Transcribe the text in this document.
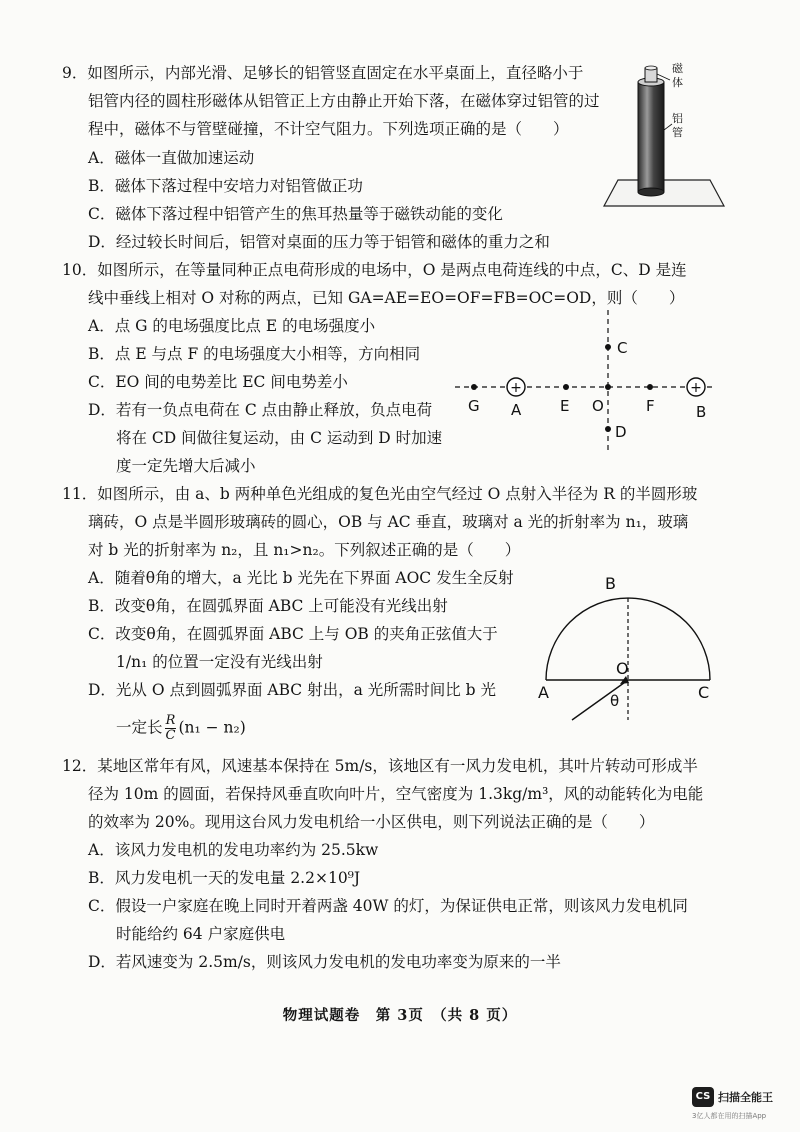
9．如图所示，内部光滑、足够长的铝管竖直固定在水平桌面上，直径略小于
铝管内径的圆柱形磁体从铝管正上方由静止开始下落，在磁体穿过铝管的过
程中，磁体不与管壁碰撞，不计空气阻力。下列选项正确的是（　　）
A．磁体一直做加速运动
B．磁体下落过程中安培力对铝管做正功
C．磁体下落过程中铝管产生的焦耳热量等于磁铁动能的变化
D．经过较长时间后，铝管对桌面的压力等于铝管和磁体的重力之和
磁
体
铝
管
10．如图所示，在等量同种正点电荷形成的电场中，O 是两点电荷连线的中点，C、D 是连
线中垂线上相对 O 对称的两点，已知 GA=AE=EO=OF=FB=OC=OD，则（　　）
A．点 G 的电场强度比点 E 的电场强度小
B．点 E 与点 F 的电场强度大小相等，方向相同
C．EO 间的电势差比 EC 间电势差小
D．若有一负点电荷在 C 点由静止释放，负点电荷
将在 CD 间做往复运动，由 C 运动到 D 时加速
度一定先增大后减小
+	+
G A	E O	F	B
C
D
11．如图所示，由 a、b 两种单色光组成的复色光由空气经过 O 点射入半径为 R 的半圆形玻
璃砖，O 点是半圆形玻璃砖的圆心，OB 与 AC 垂直，玻璃对 a 光的折射率为 n₁，玻璃
对 b 光的折射率为 n₂，且 n₁>n₂。下列叙述正确的是（　　）
A．随着θ角的增大，a 光比 b 光先在下界面 AOC 发生全反射
B．改变θ角，在圆弧界面 ABC 上可能没有光线出射
C．改变θ角，在圆弧界面 ABC 上与 OB 的夹角正弦值大于
1/n₁ 的位置一定没有光线出射
D．光从 O 点到圆弧界面 ABC 射出，a 光所需时间比 b 光
一定长 $\frac{R}{C} (n_1 - n_2)$
B
A	C
O
θ
12．某地区常年有风，风速基本保持在 5m/s，该地区有一风力发电机，其叶片转动可形成半
径为 10m 的圆面，若保持风垂直吹向叶片，空气密度为 1.3kg/m³，风的动能转化为电能
的效率为 20%。现用这台风力发电机给一小区供电，则下列说法正确的是（　　）
A．该风力发电机的发电功率约为 25.5kw
B．风力发电机一天的发电量 2.2×10⁹J
C．假设一户家庭在晚上同时开着两盏 40W 的灯，为保证供电正常，则该风力发电机同
时能给约 64 户家庭供电
D．若风速变为 2.5m/s，则该风力发电机的发电功率变为原来的一半
物理试题卷　第 3页　（共 8 页）
CS 扫描全能王
3亿人都在用的扫描App
